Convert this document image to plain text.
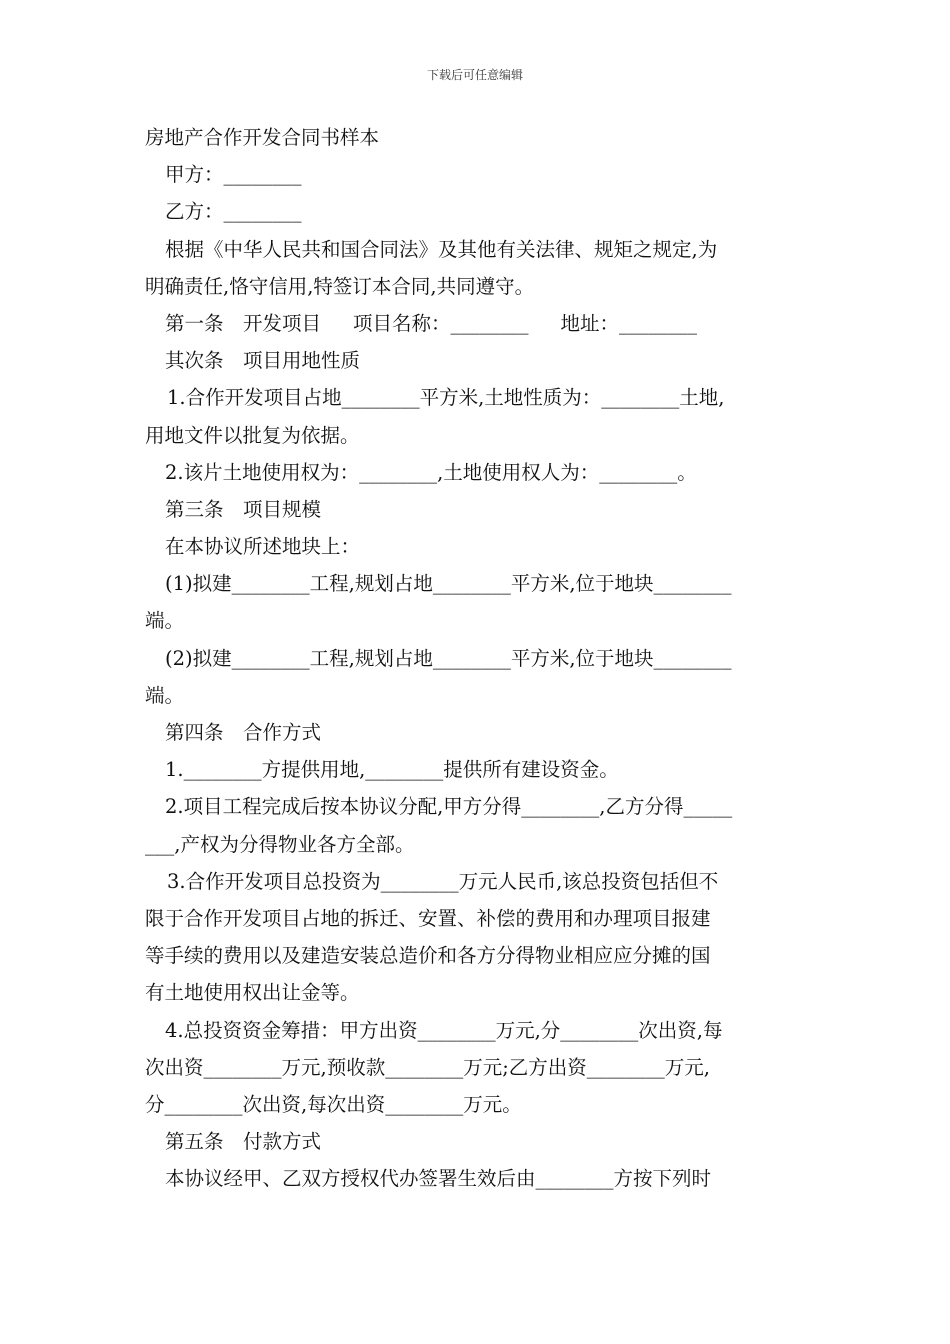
下载后可任意编辑
房地产合作开发合同书样本
甲方：________
乙方：________
根据《中华人民共和国合同法》及其他有关法律、规矩之规定,为
明确责任,恪守信用,特签订本合同,共同遵守。
第一条　开发项目 项目名称：________ 地址：________
其次条　项目用地性质
1.合作开发项目占地________平方米,土地性质为：________土地,
用地文件以批复为依据。
2.该片土地使用权为：________,土地使用权人为：________。
第三条　项目规模
在本协议所述地块上：
(1)拟建________工程,规划占地________平方米,位于地块________
端。
(2)拟建________工程,规划占地________平方米,位于地块________
端。
第四条　合作方式
1.________方提供用地,________提供所有建设资金。
2.项目工程完成后按本协议分配,甲方分得________,乙方分得_____
___,产权为分得物业各方全部。
3.合作开发项目总投资为________万元人民币,该总投资包括但不
限于合作开发项目占地的拆迁、安置、补偿的费用和办理项目报建
等手续的费用以及建造安装总造价和各方分得物业相应应分摊的国
有土地使用权出让金等。
4.总投资资金筹措：甲方出资________万元,分________次出资,每
次出资________万元,预收款________万元;乙方出资________万元,
分________次出资,每次出资________万元。
第五条　付款方式
本协议经甲、乙双方授权代办签署生效后由________方按下列时
